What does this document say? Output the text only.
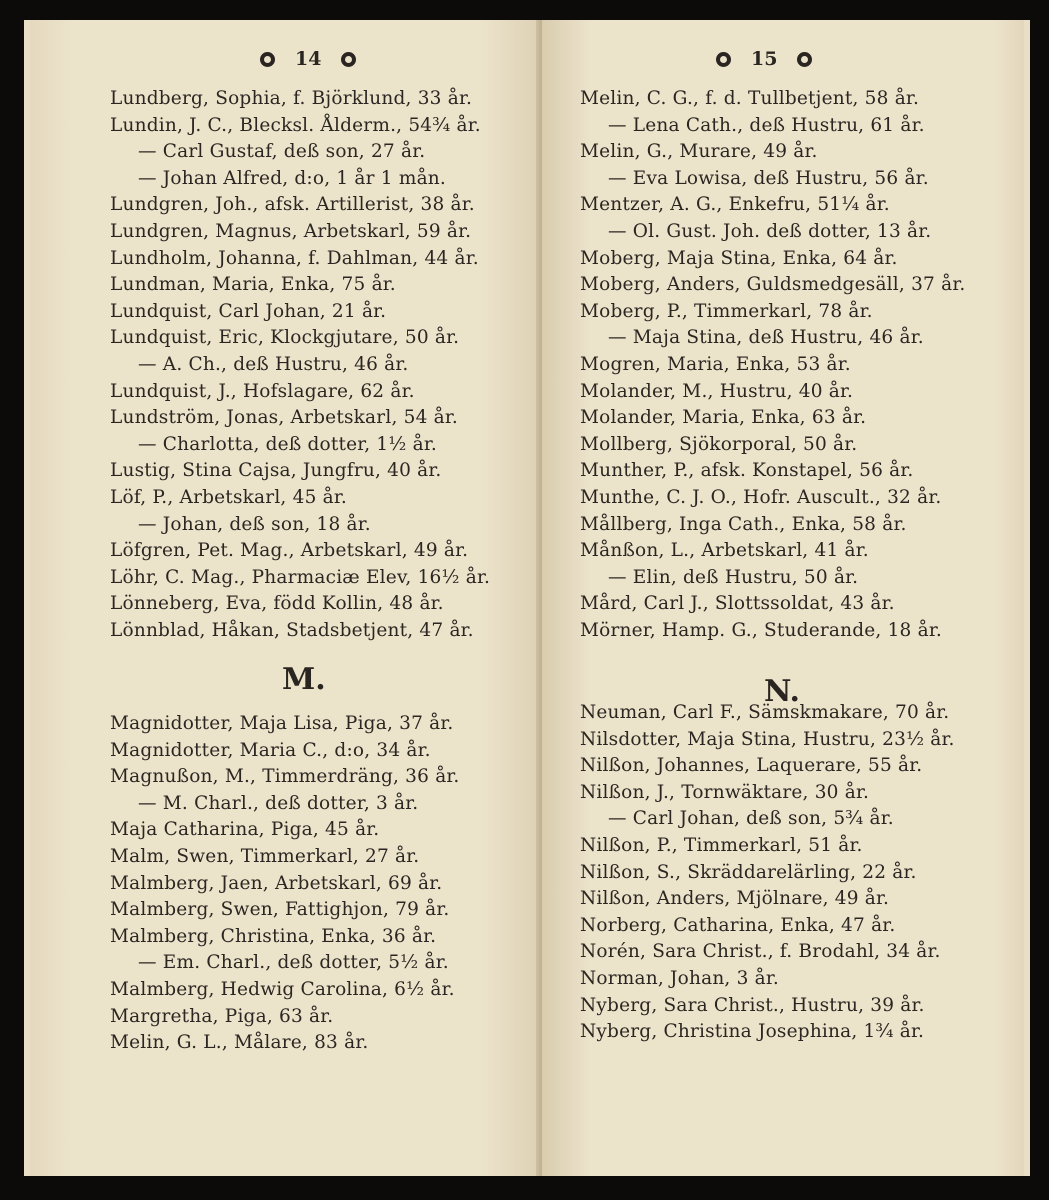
14
Lundberg, Sophia, f. Björklund, 33 år.
Lundin, J. C., Blecksl. Ålderm., 54¾ år.
— Carl Gustaf, deß son, 27 år.
— Johan Alfred, d:o, 1 år 1 mån.
Lundgren, Joh., afsk. Artillerist, 38 år.
Lundgren, Magnus, Arbetskarl, 59 år.
Lundholm, Johanna, f. Dahlman, 44 år.
Lundman, Maria, Enka, 75 år.
Lundquist, Carl Johan, 21 år.
Lundquist, Eric, Klockgjutare, 50 år.
— A. Ch., deß Hustru, 46 år.
Lundquist, J., Hofslagare, 62 år.
Lundström, Jonas, Arbetskarl, 54 år.
— Charlotta, deß dotter, 1½ år.
Lustig, Stina Cajsa, Jungfru, 40 år.
Löf, P., Arbetskarl, 45 år.
— Johan, deß son, 18 år.
Löfgren, Pet. Mag., Arbetskarl, 49 år.
Löhr, C. Mag., Pharmaciæ Elev, 16½ år.
Lönneberg, Eva, född Kollin, 48 år.
Lönnblad, Håkan, Stadsbetjent, 47 år.
M.
Magnidotter, Maja Lisa, Piga, 37 år.
Magnidotter, Maria C., d:o, 34 år.
Magnußon, M., Timmerdräng, 36 år.
— M. Charl., deß dotter, 3 år.
Maja Catharina, Piga, 45 år.
Malm, Swen, Timmerkarl, 27 år.
Malmberg, Jaen, Arbetskarl, 69 år.
Malmberg, Swen, Fattighjon, 79 år.
Malmberg, Christina, Enka, 36 år.
— Em. Charl., deß dotter, 5½ år.
Malmberg, Hedwig Carolina, 6½ år.
Margretha, Piga, 63 år.
Melin, G. L., Målare, 83 år.
15
Melin, C. G., f. d. Tullbetjent, 58 år.
— Lena Cath., deß Hustru, 61 år.
Melin, G., Murare, 49 år.
— Eva Lowisa, deß Hustru, 56 år.
Mentzer, A. G., Enkefru, 51¼ år.
— Ol. Gust. Joh. deß dotter, 13 år.
Moberg, Maja Stina, Enka, 64 år.
Moberg, Anders, Guldsmedgesäll, 37 år.
Moberg, P., Timmerkarl, 78 år.
— Maja Stina, deß Hustru, 46 år.
Mogren, Maria, Enka, 53 år.
Molander, M., Hustru, 40 år.
Molander, Maria, Enka, 63 år.
Mollberg, Sjökorporal, 50 år.
Munther, P., afsk. Konstapel, 56 år.
Munthe, C. J. O., Hofr. Auscult., 32 år.
Mållberg, Inga Cath., Enka, 58 år.
Månßon, L., Arbetskarl, 41 år.
— Elin, deß Hustru, 50 år.
Mård, Carl J., Slottssoldat, 43 år.
Mörner, Hamp. G., Studerande, 18 år.
N.
Neuman, Carl F., Sämskmakare, 70 år.
Nilsdotter, Maja Stina, Hustru, 23½ år.
Nilßon, Johannes, Laquerare, 55 år.
Nilßon, J., Tornwäktare, 30 år.
— Carl Johan, deß son, 5¾ år.
Nilßon, P., Timmerkarl, 51 år.
Nilßon, S., Skräddarelärling, 22 år.
Nilßon, Anders, Mjölnare, 49 år.
Norberg, Catharina, Enka, 47 år.
Norén, Sara Christ., f. Brodahl, 34 år.
Norman, Johan, 3 år.
Nyberg, Sara Christ., Hustru, 39 år.
Nyberg, Christina Josephina, 1¾ år.
